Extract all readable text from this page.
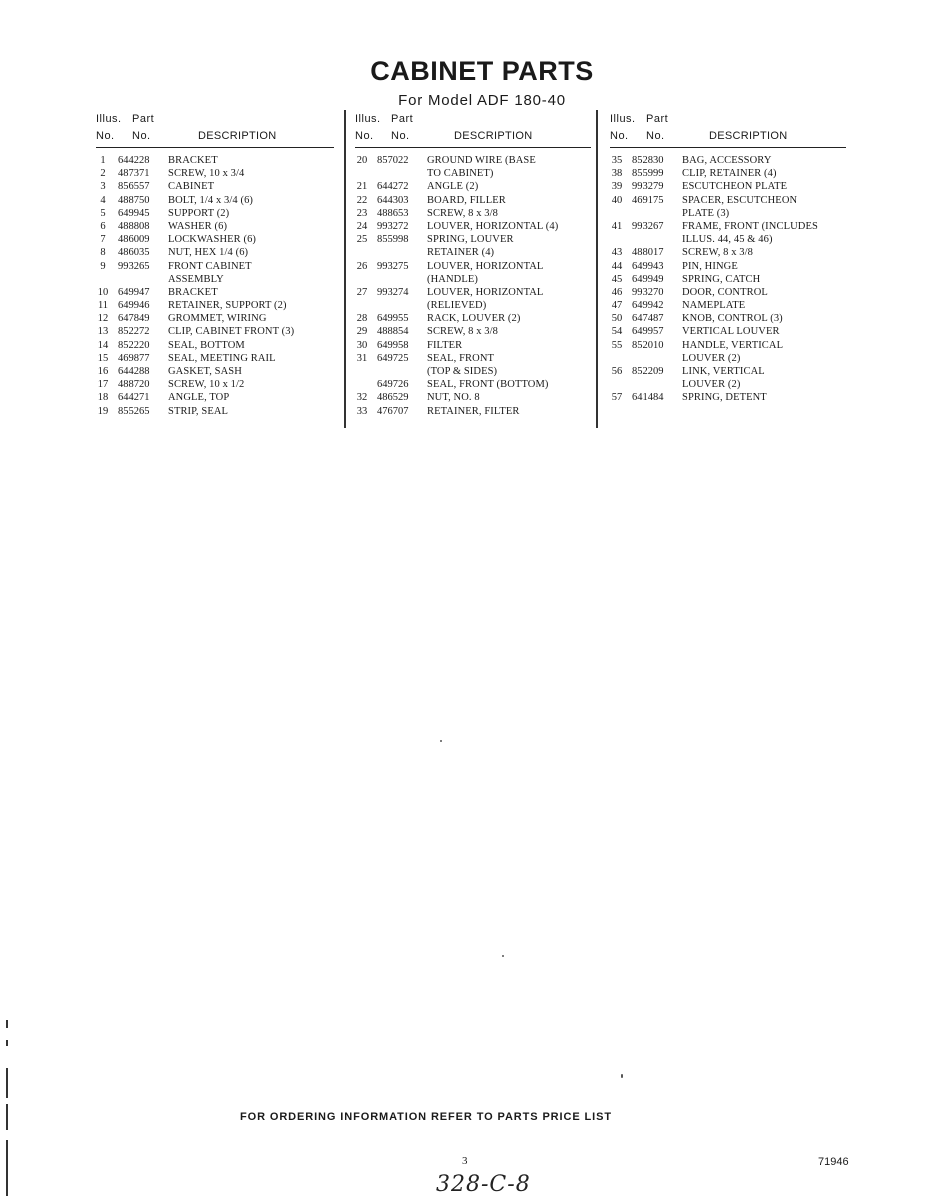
CABINET PARTS
For Model ADF 180-40
Illus.
No.
Part
No.	DESCRIPTION
1	644228 BRACKET
2	487371 SCREW, 10 x 3/4
3	856557 CABINET
4	488750 BOLT, 1/4 x 3/4 (6)
5	649945 SUPPORT (2)
6	488808 WASHER (6)
7	486009 LOCKWASHER (6)
8	486035 NUT, HEX 1/4 (6)
9	993265 FRONT CABINET
ASSEMBLY
10 649947 BRACKET
11 649946 RETAINER, SUPPORT (2)
12 647849 GROMMET, WIRING
13 852272 CLIP, CABINET FRONT (3)
14 852220 SEAL, BOTTOM
15 469877 SEAL, MEETING RAIL
16 644288 GASKET, SASH
17 488720 SCREW, 10 x 1/2
18 644271 ANGLE, TOP
19 855265 STRIP, SEAL
Illus.
No.
Part
No.	DESCRIPTION
20 857022 GROUND WIRE (BASE
TO CABINET)
21 644272 ANGLE (2)
22 644303 BOARD, FILLER
23 488653 SCREW, 8 x 3/8
24 993272 LOUVER, HORIZONTAL (4)
25 855998 SPRING, LOUVER
RETAINER (4)
26 993275 LOUVER, HORIZONTAL
(HANDLE)
27 993274 LOUVER, HORIZONTAL
(RELIEVED)
28 649955 RACK, LOUVER (2)
29 488854 SCREW, 8 x 3/8
30 649958 FILTER
31 649725 SEAL, FRONT
(TOP & SIDES)
649726 SEAL, FRONT (BOTTOM)
32 486529 NUT, NO. 8
33 476707 RETAINER, FILTER
Illus.
No.
Part
No.	DESCRIPTION
35 852830 BAG, ACCESSORY
38 855999 CLIP, RETAINER (4)
39 993279 ESCUTCHEON PLATE
40 469175 SPACER, ESCUTCHEON
PLATE (3)
41 993267 FRAME, FRONT (INCLUDES
ILLUS. 44, 45 & 46)
43 488017 SCREW, 8 x 3/8
44 649943 PIN, HINGE
45 649949 SPRING, CATCH
46 993270 DOOR, CONTROL
47 649942 NAMEPLATE
50 647487 KNOB, CONTROL (3)
54 649957 VERTICAL LOUVER
55 852010 HANDLE, VERTICAL
LOUVER (2)
56 852209 LINK, VERTICAL
LOUVER (2)
57 641484 SPRING, DETENT
FOR ORDERING INFORMATION REFER TO PARTS PRICE LIST
3	71946
328-C-8
